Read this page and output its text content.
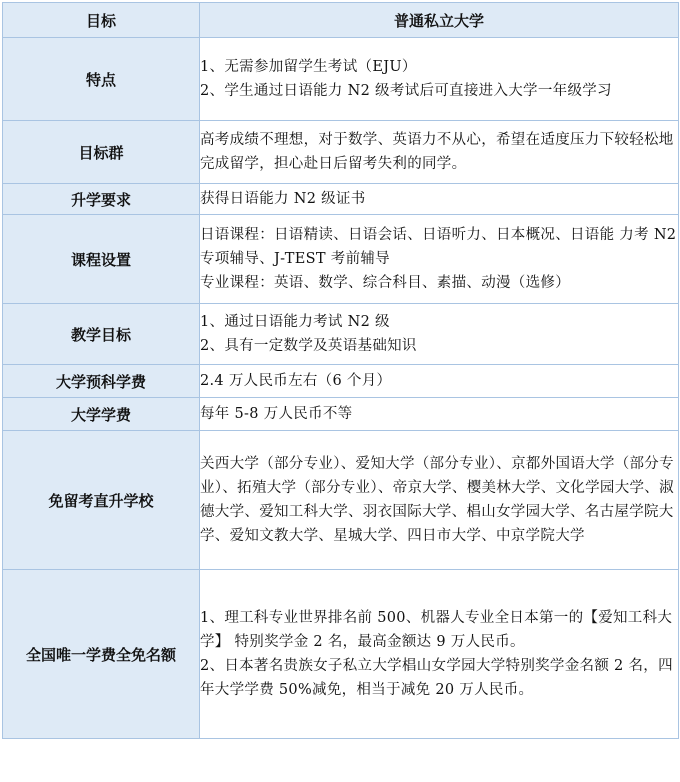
目标	普通私立大学
特点	1、无需参加留学生考试（EJU）

2、学生通过日语能力 N2 级考试后可直接进入大学一年级学习

目标群	高考成绩不理想，对于数学、英语力不从心，希望在适度压力下较轻松地完成留学，担心赴日后留考失利的同学。

升学要求	获得日语能力 N2 级证书

课程设置	日语课程：日语精读、日语会话、日语听力、日本概况、日语能 力考 N2 专项辅导、J-TEST 考前辅导

专业课程：英语、数学、综合科目、素描、动漫（选修）

教学目标	1、通过日语能力考试 N2 级

2、具有一定数学及英语基础知识

大学预科学费	2.4 万人民币左右（6 个月）

大学学费	每年 5-8 万人民币不等

免留考直升学校	关西大学（部分专业）、爱知大学（部分专业）、京都外国语大学（部分专业）、拓殖大学（部分专业）、帝京大学、樱美林大学、文化学园大学、淑德大学、爱知工科大学、羽衣国际大学、椙山女学园大学、名古屋学院大学、爱知文教大学、星城大学、四日市大学、中京学院大学

全国唯一学费全免名额	1、理工科专业世界排名前 500、机器人专业全日本第一的【爱知工科大学】 特别奖学金 2 名，最高金额达 9 万人民币。

2、日本著名贵族女子私立大学椙山女学园大学特别奖学金名额 2 名，四年大学学费 50%减免，相当于减免 20 万人民币。
